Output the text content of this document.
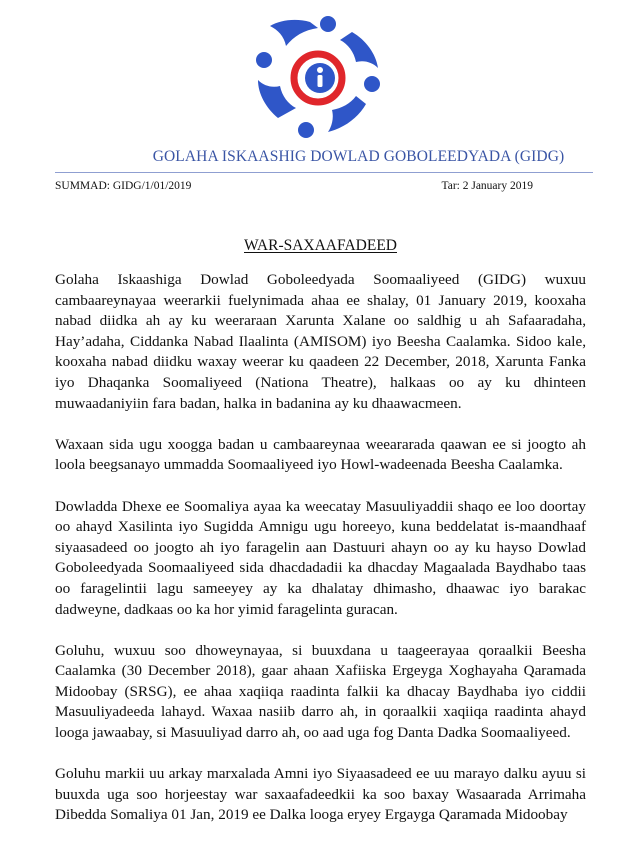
GOLAHA ISKAASHIG DOWLAD GOBOLEEDYADA (GIDG)
SUMMAD: GIDG/1/01/2019	Tar: 2 January 2019
WAR-SAXAAFADEED

Golaha Iskaashiga Dowlad Goboleedyada Soomaaliyeed (GIDG) wuxuu cambaareynayaa weerarkii fuelynimada ahaa ee shalay, 01 January 2019, kooxaha nabad diidka ah ay ku weeraraan Xarunta Xalane oo saldhig u ah Safaaradaha, Hay’adaha, Ciddanka Nabad Ilaalinta (AMISOM) iyo Beesha Caalamka. Sidoo kale, kooxaha nabad diidku waxay weerar ku qaadeen 22 December, 2018, Xarunta Fanka iyo Dhaqanka Soomaliyeed (Nationa Theatre), halkaas oo ay ku dhinteen muwaadaniyiin fara badan, halka in badanina ay ku dhaawacmeen.

Waxaan sida ugu xoogga badan u cambaareynaa weeararada qaawan ee si joogto ah loola beegsanayo ummadda Soomaaliyeed iyo Howl-wadeenada Beesha Caalamka.

Dowladda Dhexe ee Soomaliya ayaa ka weecatay Masuuliyaddii shaqo ee loo doortay oo ahayd Xasilinta iyo Sugidda Amnigu ugu horeeyo, kuna beddelatat is-maandhaaf siyaasadeed oo joogto ah iyo faragelin aan Dastuuri ahayn oo ay ku hayso Dowlad Goboleedyada Soomaaliyeed sida dhacdadadii ka dhacday Magaalada Baydhabo taas oo faragelintii lagu sameeyey ay ka dhalatay dhimasho, dhaawac iyo barakac dadweyne, dadkaas oo ka hor yimid faragelinta guracan.

Goluhu, wuxuu soo dhoweynayaa, si buuxdana u taageerayaa qoraalkii Beesha Caalamka (30 December 2018), gaar ahaan Xafiiska Ergeyga Xoghayaha Qaramada Midoobay (SRSG), ee ahaa xaqiiqa raadinta falkii ka dhacay Baydhaba iyo ciddii Masuuliyadeeda lahayd. Waxaa nasiib darro ah, in qoraalkii xaqiiqa raadinta ahayd looga jawaabay, si Masuuliyad darro ah, oo aad uga fog Danta Dadka Soomaaliyeed.

Goluhu markii uu arkay marxalada Amni iyo Siyaasadeed ee uu marayo dalku ayuu si buuxda uga soo horjeestay war saxaafadeedkii ka soo baxay Wasaarada Arrimaha Dibedda Somaliya 01 Jan, 2019 ee Dalka looga eryey Ergayga Qaramada Midoobay
